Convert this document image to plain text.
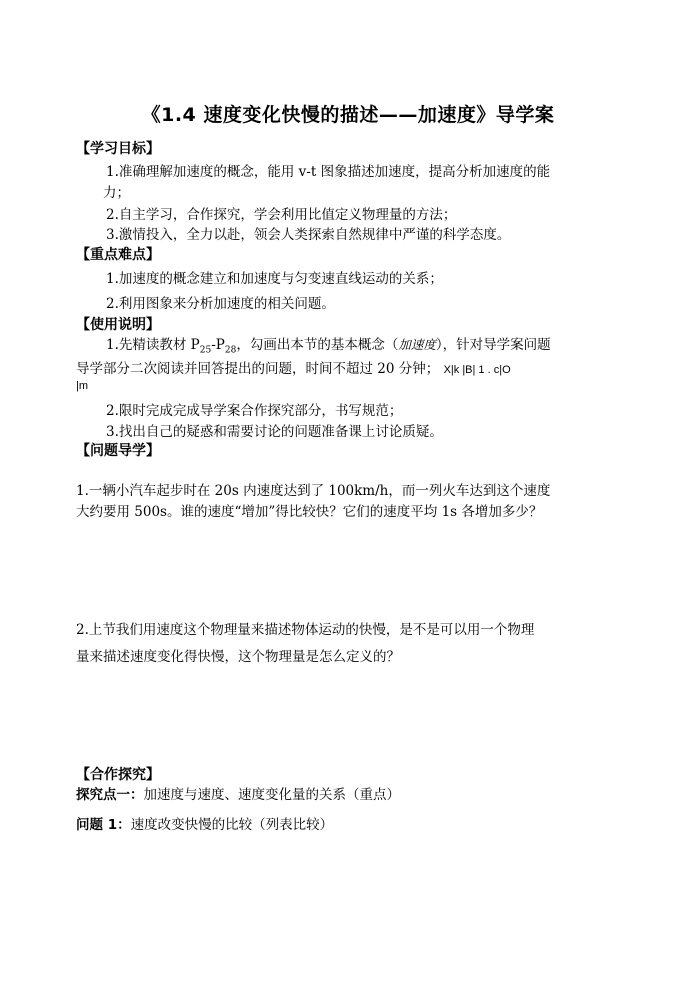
《1.4 速度变化快慢的描述——加速度》导学案
【学习目标】
1.准确理解加速度的概念，能用 v-t 图象描述加速度，提高分析加速度的能
力；
2.自主学习，合作探究，学会利用比值定义物理量的方法；
3.激情投入，全力以赴，领会人类探索自然规律中严谨的科学态度。
【重点难点】
1.加速度的概念建立和加速度与匀变速直线运动的关系；
2.利用图象来分析加速度的相关问题。
【使用说明】
1.先精读教材 $P_{25}-P_{28}$，勾画出本节的基本概念（加速度），针对导学案问题
导学部分二次阅读并回答提出的问题，时间不超过 20 分钟； X|k |B| 1 . c|O
|m
2.限时完成完成导学案合作探究部分，书写规范；
3.找出自己的疑惑和需要讨论的问题准备课上讨论质疑。
【问题导学】
1.一辆小汽车起步时在 20s 内速度达到了 100km/h，而一列火车达到这个速度
大约要用 500s。谁的速度“增加”得比较快？它们的速度平均 1s 各增加多少？
2.上节我们用速度这个物理量来描述物体运动的快慢，是不是可以用一个物理
量来描述速度变化得快慢，这个物理量是怎么定义的？
【合作探究】
探究点一：加速度与速度、速度变化量的关系（重点）
问题 1：速度改变快慢的比较（列表比较）
